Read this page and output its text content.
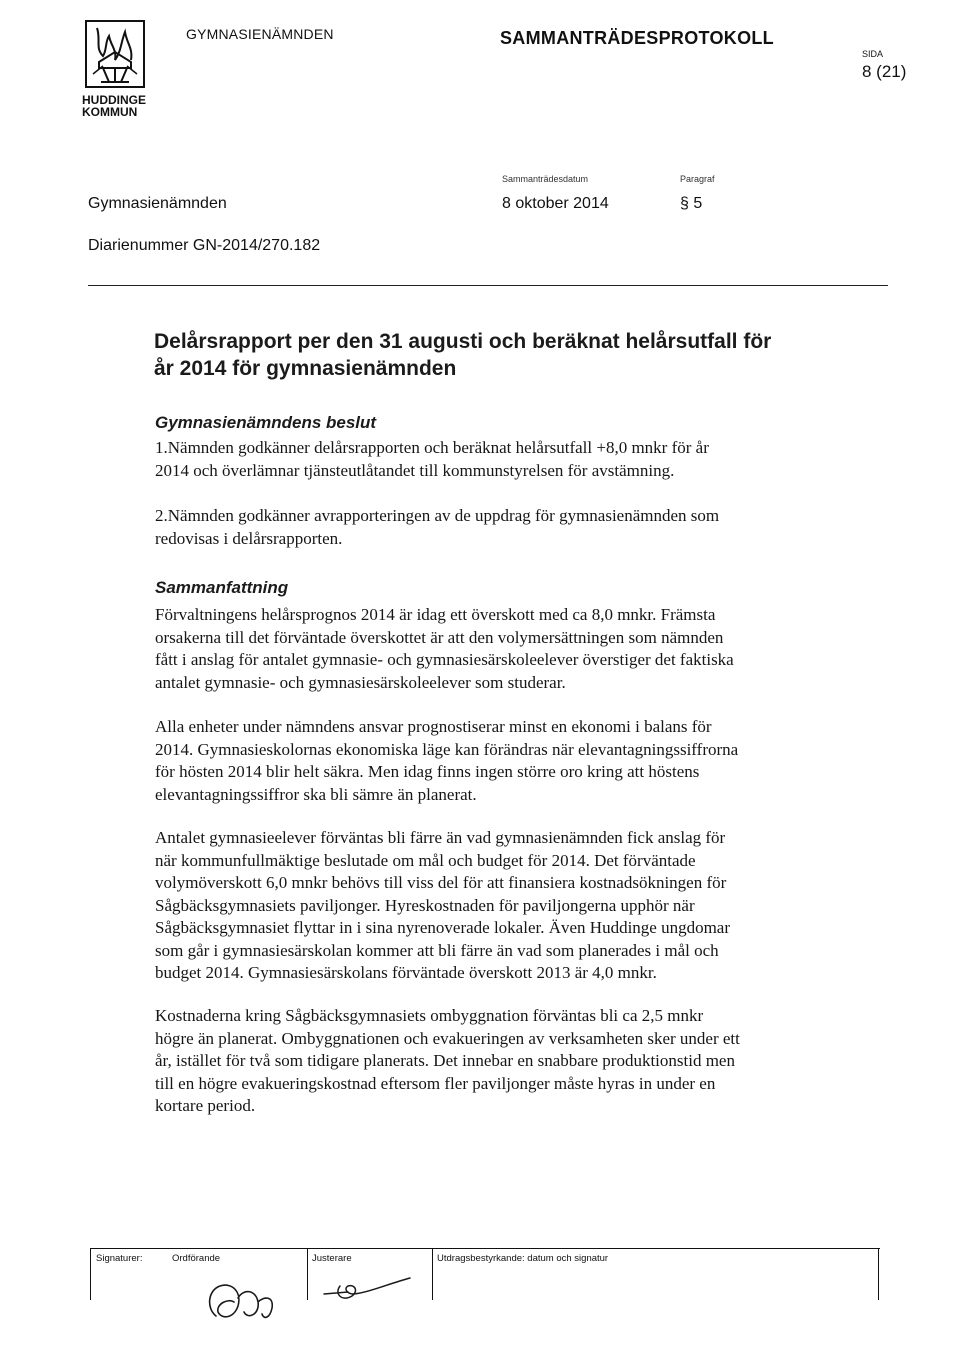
HUDDINGE
KOMMUN
GYMNASIENÄMNDEN	SAMMANTRÄDESPROTOKOLL
SIDA
8 (21)
Sammanträdesdatum	Paragraf
Gymnasienämnden	8 oktober 2014	§ 5
Diarienummer GN-2014/270.182
Delårsrapport per den 31 augusti och beräknat helårsutfall för
år 2014 för gymnasienämnden
Gymnasienämndens beslut
1.Nämnden godkänner delårsrapporten och beräknat helårsutfall +8,0 mnkr för år
2014 och överlämnar tjänsteutlåtandet till kommunstyrelsen för avstämning.
2.Nämnden godkänner avrapporteringen av de uppdrag för gymnasienämnden som
redovisas i delårsrapporten.
Sammanfattning
Förvaltningens helårsprognos 2014 är idag ett överskott med ca 8,0 mnkr. Främsta
orsakerna till det förväntade överskottet är att den volymersättningen som nämnden
fått i anslag för antalet gymnasie- och gymnasiesärskoleelever överstiger det faktiska
antalet gymnasie- och gymnasiesärskoleelever som studerar.
Alla enheter under nämndens ansvar prognostiserar minst en ekonomi i balans för
2014. Gymnasieskolornas ekonomiska läge kan förändras när elevantagningssiffrorna
för hösten 2014 blir helt säkra. Men idag finns ingen större oro kring att höstens
elevantagningssiffror ska bli sämre än planerat.
Antalet gymnasieelever förväntas bli färre än vad gymnasienämnden fick anslag för
när kommunfullmäktige beslutade om mål och budget för 2014. Det förväntade
volymöverskott 6,0 mnkr behövs till viss del för att finansiera kostnadsökningen för
Sågbäcksgymnasiets paviljonger. Hyreskostnaden för paviljongerna upphör när
Sågbäcksgymnasiet flyttar in i sina nyrenoverade lokaler. Även Huddinge ungdomar
som går i gymnasiesärskolan kommer att bli färre än vad som planerades i mål och
budget 2014. Gymnasiesärskolans förväntade överskott 2013 är 4,0 mnkr.
Kostnaderna kring Sågbäcksgymnasiets ombyggnation förväntas bli ca 2,5 mnkr
högre än planerat. Ombyggnationen och evakueringen av verksamheten sker under ett
år, istället för två som tidigare planerats. Det innebar en snabbare produktionstid men
till en högre evakueringskostnad eftersom fler paviljonger måste hyras in under en
kortare period.
Signaturer:	Ordförande	Justerare	Utdragsbestyrkande: datum och signatur
